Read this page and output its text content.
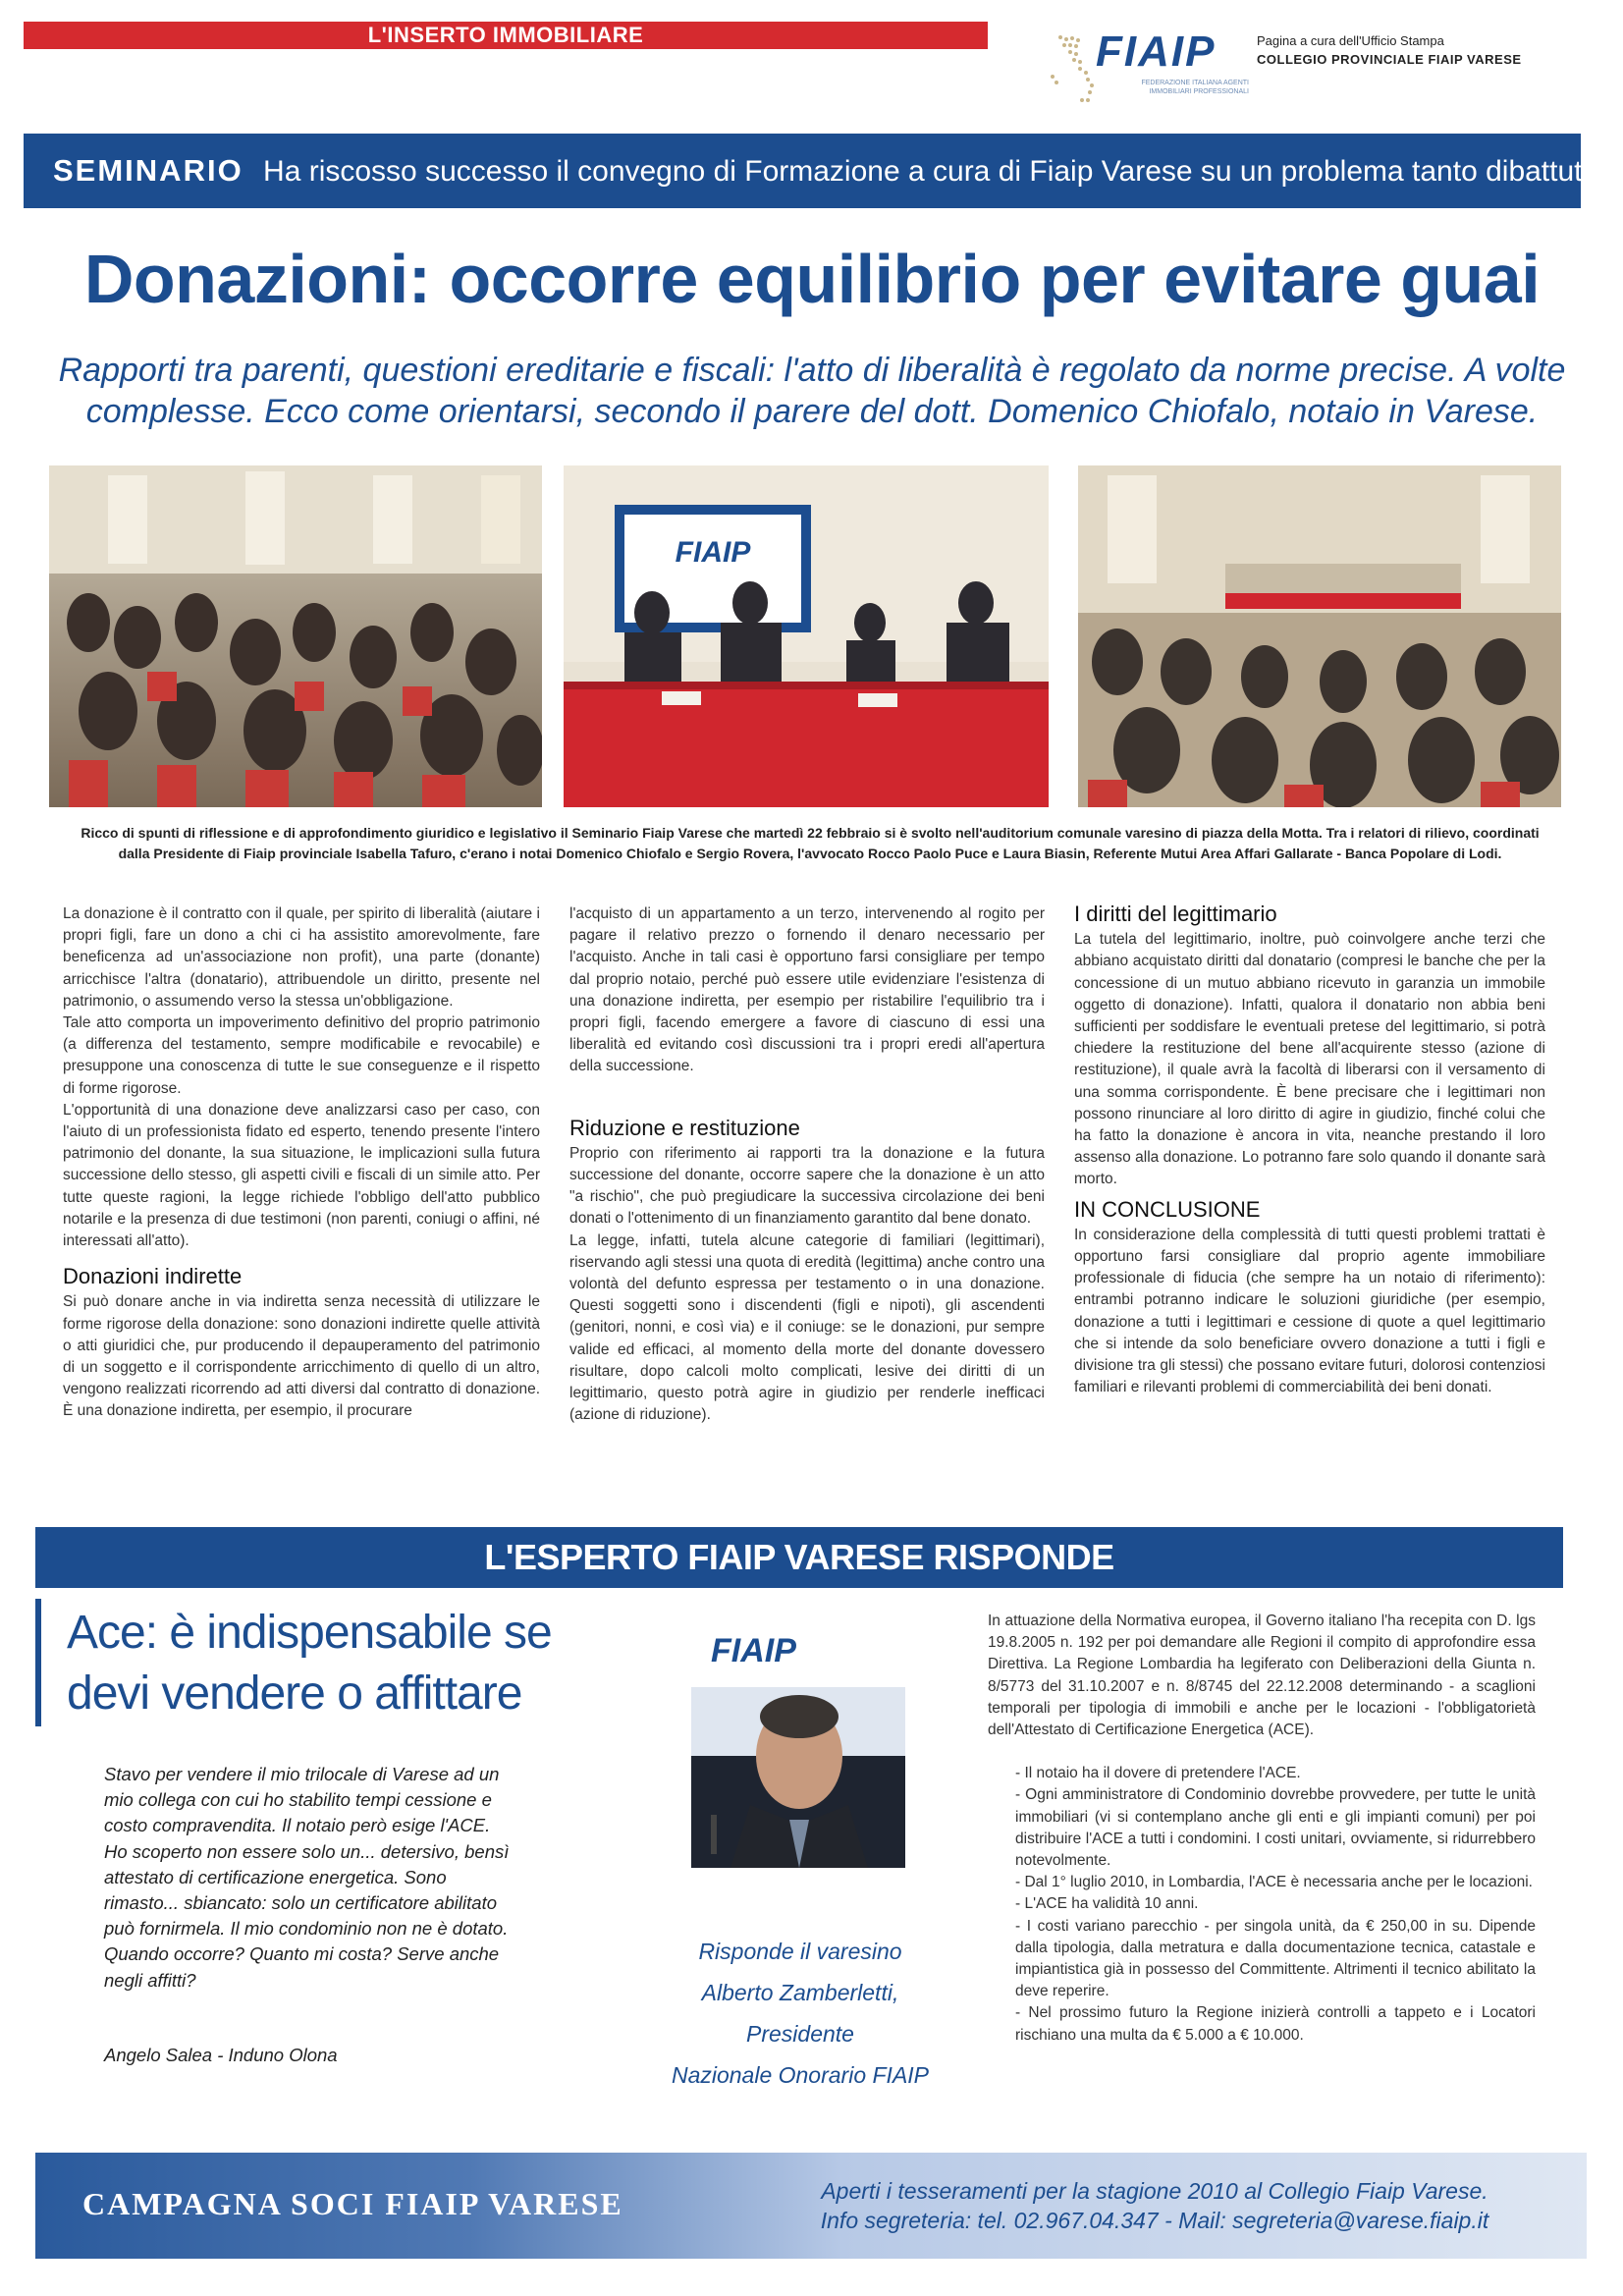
L'INSERTO IMMOBILIARE	FIAIP
FEDERAZIONE ITALIANA AGENTI IMMOBILIARI PROFESSIONALI
Pagina a cura dell'Ufficio Stampa
COLLEGIO PROVINCIALE FIAIP VARESE
SEMINARIO Ha riscosso successo il convegno di Formazione a cura di Fiaip Varese su un problema tanto dibattuto
Donazioni: occorre equilibrio per evitare guai
Rapporti tra parenti, questioni ereditarie e fiscali: l'atto di liberalità è regolato da norme precise. A volte complesse. Ecco come orientarsi, secondo il parere del dott. Domenico Chiofalo, notaio in Varese.
FIAIP
Ricco di spunti di riflessione e di approfondimento giuridico e legislativo il Seminario Fiaip Varese che martedì 22 febbraio si è svolto nell'auditorium comunale varesino di piazza della Motta. Tra i relatori di rilievo, coordinati dalla Presidente di Fiaip provinciale Isabella Tafuro, c'erano i notai Domenico Chiofalo e Sergio Rovera, l'avvocato Rocco Paolo Puce e Laura Biasin, Referente Mutui Area Affari Gallarate - Banca Popolare di Lodi.

La donazione è il contratto con il quale, per spirito di liberalità (aiutare i propri figli, fare un dono a chi ci ha assistito amorevolmente, fare beneficenza ad un'associazione non profit), una parte (donante) arricchisce l'altra (donatario), attribuendole un diritto, presente nel patrimonio, o assumendo verso la stessa un'obbligazione.

Tale atto comporta un impoverimento definitivo del proprio patrimonio (a differenza del testamento, sempre modificabile e revocabile) e presuppone una conoscenza di tutte le sue conseguenze e il rispetto di forme rigorose.

L'opportunità di una donazione deve analizzarsi caso per caso, con l'aiuto di un professionista fidato ed esperto, tenendo presente l'intero patrimonio del donante, la sua situazione, le implicazioni sulla futura successione dello stesso, gli aspetti civili e fiscali di un simile atto. Per tutte queste ragioni, la legge richiede l'obbligo dell'atto pubblico notarile e la presenza di due testimoni (non parenti, coniugi o affini, né interessati all'atto).

Donazioni indirette

Si può donare anche in via indiretta senza necessità di utilizzare le forme rigorose della donazione: sono donazioni indirette quelle attività o atti giuridici che, pur producendo il depauperamento del patrimonio di un soggetto e il corrispondente arricchimento di quello di un altro, vengono realizzati ricorrendo ad atti diversi dal contratto di donazione. È una donazione indiretta, per esempio, il procurare

l'acquisto di un appartamento a un terzo, intervenendo al rogito per pagare il relativo prezzo o fornendo il denaro necessario per l'acquisto. Anche in tali casi è opportuno farsi consigliare per tempo dal proprio notaio, perché può essere utile evidenziare l'esistenza di una donazione indiretta, per esempio per ristabilire l'equilibrio tra i propri figli, facendo emergere a favore di ciascuno di essi una liberalità ed evitando così discussioni tra i propri eredi all'apertura della successione.

Riduzione e restituzione

Proprio con riferimento ai rapporti tra la donazione e la futura successione del donante, occorre sapere che la donazione è un atto "a rischio", che può pregiudicare la successiva circolazione dei beni donati o l'ottenimento di un finanziamento garantito dal bene donato.

La legge, infatti, tutela alcune categorie di familiari (legittimari), riservando agli stessi una quota di eredità (legittima) anche contro una volontà del defunto espressa per testamento o in una donazione. Questi soggetti sono i discendenti (figli e nipoti), gli ascendenti (genitori, nonni, e così via) e il coniuge: se le donazioni, pur sempre valide ed efficaci, al momento della morte del donante dovessero risultare, dopo calcoli molto complicati, lesive dei diritti di un legittimario, questo potrà agire in giudizio per renderle inefficaci (azione di riduzione).

I diritti del legittimario

La tutela del legittimario, inoltre, può coinvolgere anche terzi che abbiano acquistato diritti dal donatario (compresi le banche che per la concessione di un mutuo abbiano ricevuto in garanzia un immobile oggetto di donazione). Infatti, qualora il donatario non abbia beni sufficienti per soddisfare le eventuali pretese del legittimario, si potrà chiedere la restituzione del bene all'acquirente stesso (azione di restituzione), il quale avrà la facoltà di liberarsi con il versamento di una somma corrispondente. È bene precisare che i legittimari non possono rinunciare al loro diritto di agire in giudizio, finché colui che ha fatto la donazione è ancora in vita, neanche prestando il loro assenso alla donazione. Lo potranno fare solo quando il donante sarà morto.

IN CONCLUSIONE

In considerazione della complessità di tutti questi problemi trattati è opportuno farsi consigliare dal proprio agente immobiliare professionale di fiducia (che sempre ha un notaio di riferimento): entrambi potranno indicare le soluzioni giuridiche (per esempio, donazione a tutti i legittimari e cessione di quote a quel legittimario che si intende da solo beneficiare ovvero donazione a tutti i figli e divisione tra gli stessi) che possano evitare futuri, dolorosi contenziosi familiari e rilevanti problemi di commerciabilità dei beni donati.

L'ESPERTO FIAIP VARESE RISPONDE
Ace: è indispensabile se
devi vendere o affittare
Stavo per vendere il mio trilocale di Varese ad un mio collega con cui ho stabilito tempi cessione e costo compravendita. Il notaio però esige l'ACE. Ho scoperto non essere solo un... detersivo, bensì attestato di certificazione energetica. Sono rimasto... sbiancato: solo un certificatore abilitato può fornirmela. Il mio condominio non ne è dotato. Quando occorre? Quanto mi costa? Serve anche negli affitti?
Angelo Salea - Induno Olona
FIAIP
Risponde il varesino
Alberto Zamberletti,
Presidente
Nazionale Onorario FIAIP

In attuazione della Normativa europea, il Governo italiano l'ha recepita con D. lgs 19.8.2005 n. 192 per poi demandare alle Regioni il compito di approfondire essa Direttiva. La Regione Lombardia ha legiferato con Deliberazioni della Giunta n. 8/5773 del 31.10.2007 e n. 8/8745 del 22.12.2008 determinando - a scaglioni temporali per tipologia di immobili e anche per le locazioni - l'obbligatorietà dell'Attestato di Certificazione Energetica (ACE).

- Il notaio ha il dovere di pretendere l'ACE.
- Ogni amministratore di Condominio dovrebbe provvedere, per tutte le unità immobiliari (vi si contemplano anche gli enti e gli impianti comuni) per poi distribuire l'ACE a tutti i condomini. I costi unitari, ovviamente, si ridurrebbero notevolmente.
- Dal 1° luglio 2010, in Lombardia, l'ACE è necessaria anche per le locazioni.
- L'ACE ha validità 10 anni.
- I costi variano parecchio - per singola unità, da € 250,00 in su. Dipende dalla tipologia, dalla metratura e dalla documentazione tecnica, catastale e impiantistica già in possesso del Committente. Altrimenti il tecnico abilitato la deve reperire.
- Nel prossimo futuro la Regione inizierà controlli a tappeto e i Locatori rischiano una multa da € 5.000 a € 10.000.
CAMPAGNA SOCI FIAIP VARESE	Aperti i tesseramenti per la stagione 2010 al Collegio Fiaip Varese.
Info segreteria: tel. 02.967.04.347 - Mail: segreteria@varese.fiaip.it
